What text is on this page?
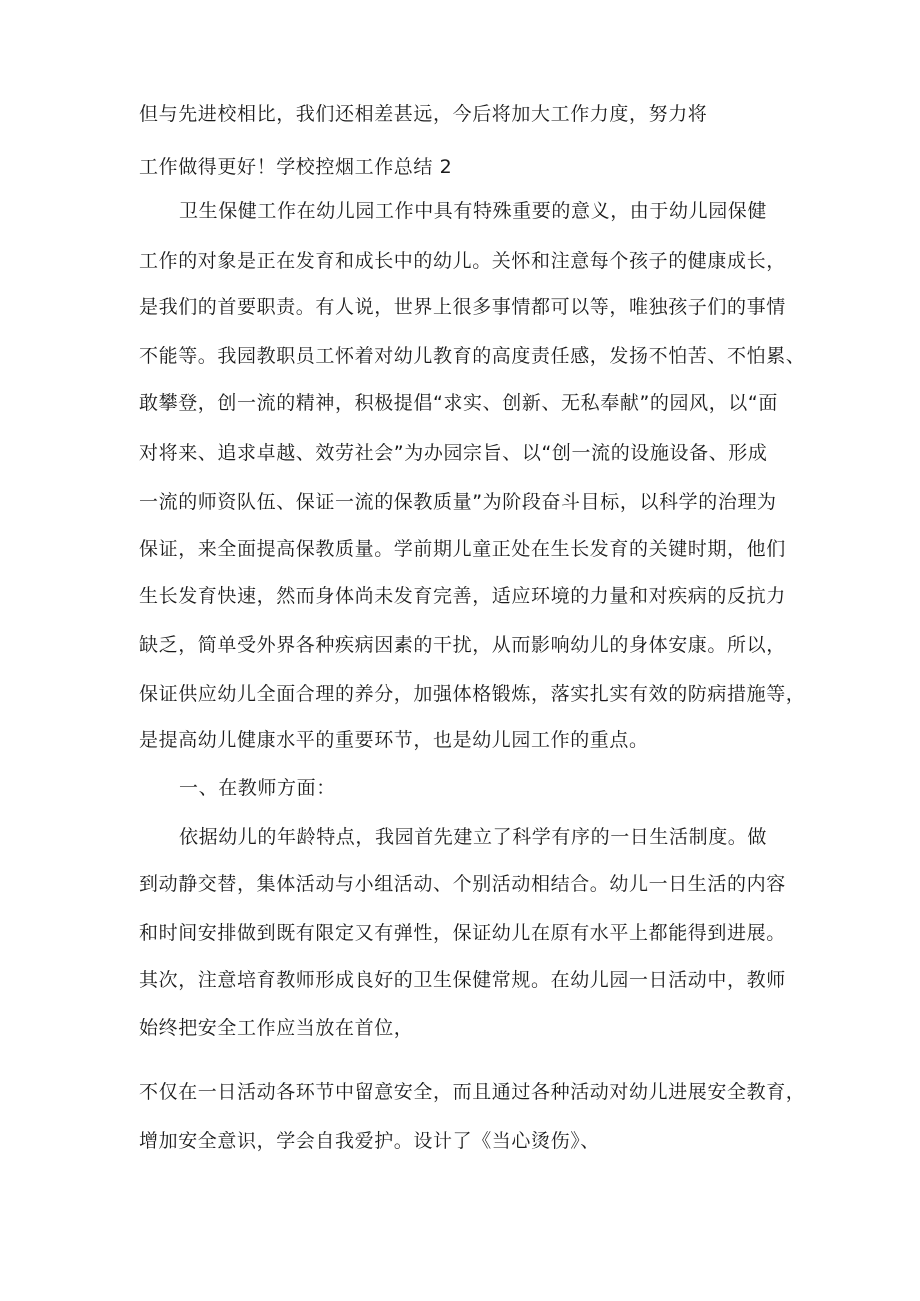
但与先进校相比，我们还相差甚远，今后将加大工作力度，努力将
工作做得更好！学校控烟工作总结 2
卫生保健工作在幼儿园工作中具有特殊重要的意义，由于幼儿园保健
工作的对象是正在发育和成长中的幼儿。关怀和注意每个孩子的健康成长，
是我们的首要职责。有人说，世界上很多事情都可以等，唯独孩子们的事情
不能等。我园教职员工怀着对幼儿教育的高度责任感，发扬不怕苦、不怕累、
敢攀登，创一流的精神，积极提倡“求实、创新、无私奉献”的园风，以“面
对将来、追求卓越、效劳社会”为办园宗旨、以“创一流的设施设备、形成
一流的师资队伍、保证一流的保教质量”为阶段奋斗目标，以科学的治理为
保证，来全面提高保教质量。学前期儿童正处在生长发育的关键时期，他们
生长发育快速，然而身体尚未发育完善，适应环境的力量和对疾病的反抗力
缺乏，简单受外界各种疾病因素的干扰，从而影响幼儿的身体安康。所以，
保证供应幼儿全面合理的养分，加强体格锻炼，落实扎实有效的防病措施等，
是提高幼儿健康水平的重要环节，也是幼儿园工作的重点。
一、在教师方面：
依据幼儿的年龄特点，我园首先建立了科学有序的一日生活制度。做
到动静交替，集体活动与小组活动、个别活动相结合。幼儿一日生活的内容
和时间安排做到既有限定又有弹性，保证幼儿在原有水平上都能得到进展。
其次，注意培育教师形成良好的卫生保健常规。在幼儿园一日活动中，教师
始终把安全工作应当放在首位，
不仅在一日活动各环节中留意安全，而且通过各种活动对幼儿进展安全教育，
增加安全意识，学会自我爱护。设计了《当心烫伤》、
